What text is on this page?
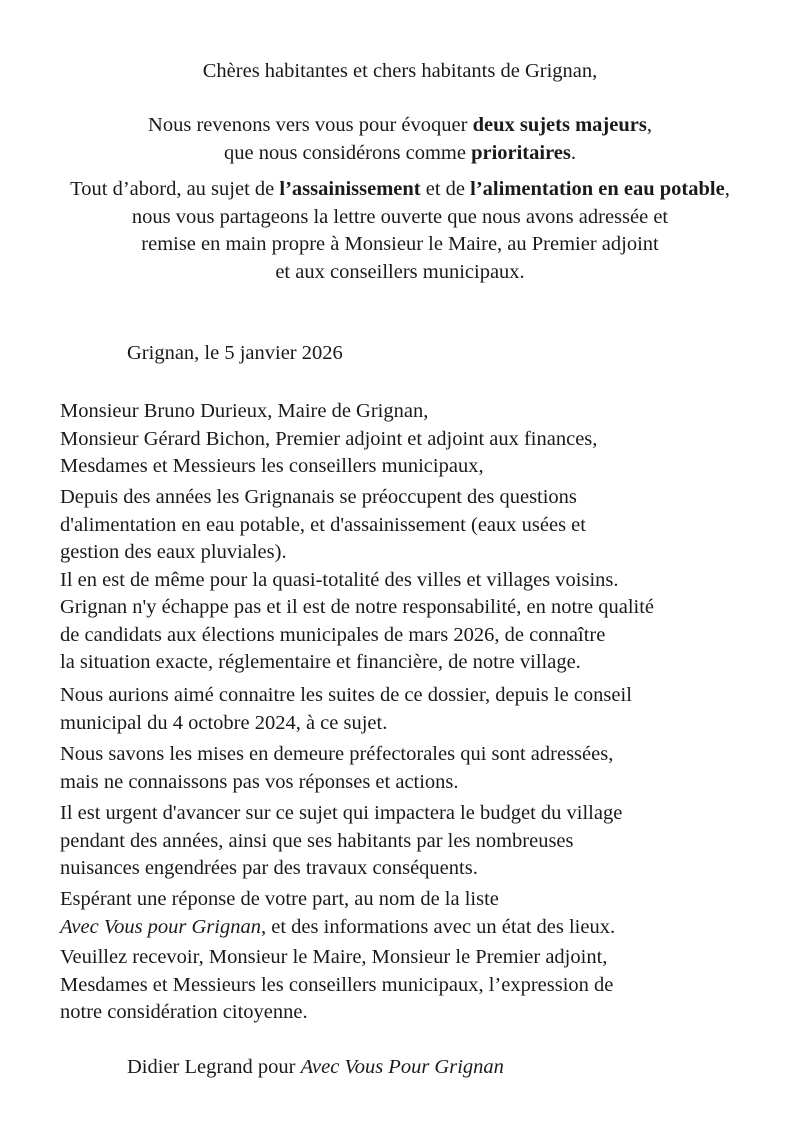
Chères habitantes et chers habitants de Grignan,

Nous revenons vers vous pour évoquer deux sujets majeurs,

que nous considérons comme prioritaires.

Tout d’abord, au sujet de l’assainissement et de l’alimentation en eau potable,

nous vous partageons la lettre ouverte que nous avons adressée et

remise en main propre à Monsieur le Maire, au Premier adjoint

et aux conseillers municipaux.

Grignan, le 5 janvier 2026

Monsieur Bruno Durieux, Maire de Grignan,

Monsieur Gérard Bichon, Premier adjoint et adjoint aux finances,

Mesdames et Messieurs les conseillers municipaux,

Depuis des années les Grignanais se préoccupent des questions

d'alimentation en eau potable, et d'assainissement (eaux usées et

gestion des eaux pluviales).

Il en est de même pour la quasi-totalité des villes et villages voisins.

Grignan n'y échappe pas et il est de notre responsabilité, en notre qualité

de candidats aux élections municipales de mars 2026, de connaître

la situation exacte, réglementaire et financière, de notre village.

Nous aurions aimé connaitre les suites de ce dossier, depuis le conseil

municipal du 4 octobre 2024, à ce sujet.

Nous savons les mises en demeure préfectorales qui sont adressées,

mais ne connaissons pas vos réponses et actions.

Il est urgent d'avancer sur ce sujet qui impactera le budget du village

pendant des années, ainsi que ses habitants par les nombreuses

nuisances engendrées par des travaux conséquents.

Espérant une réponse de votre part, au nom de la liste

Avec Vous pour Grignan, et des informations avec un état des lieux.

Veuillez recevoir, Monsieur le Maire, Monsieur le Premier adjoint,

Mesdames et Messieurs les conseillers municipaux, l’expression de

notre considération citoyenne.

Didier Legrand pour Avec Vous Pour Grignan
